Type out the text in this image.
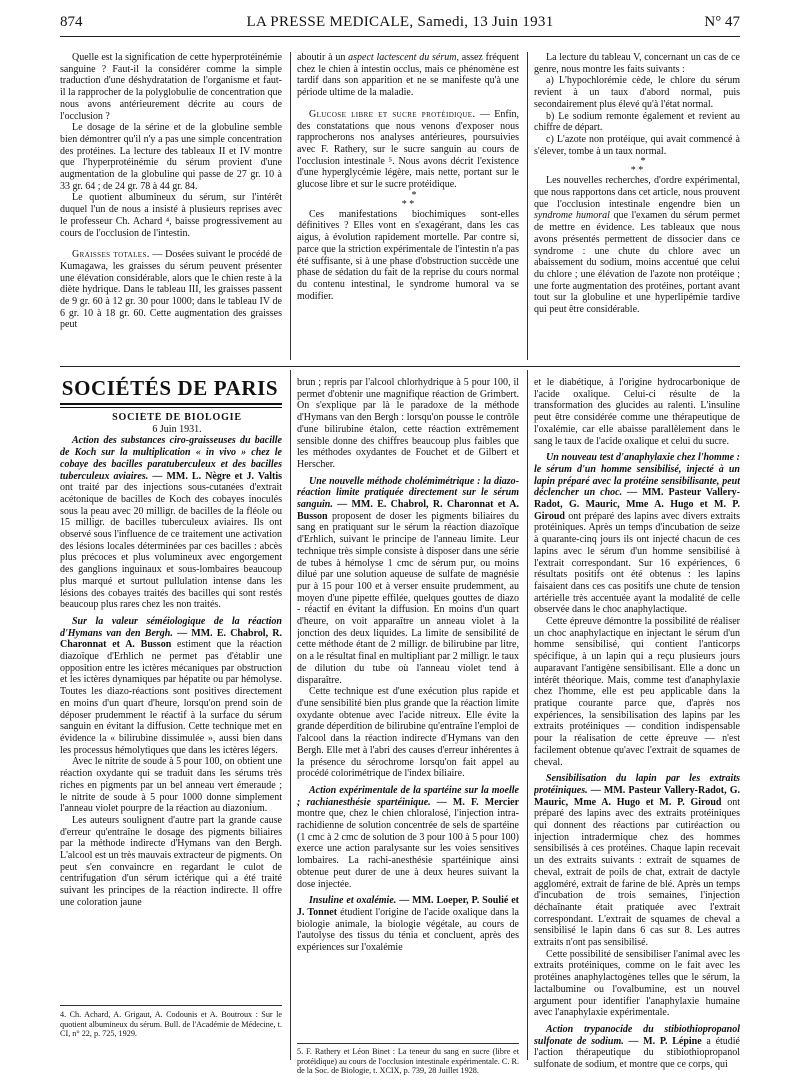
874	LA PRESSE MEDICALE, Samedi, 13 Juin 1931	N° 47

Quelle est la signification de cette hyperprotéinémie sanguine ? Faut-il la considérer comme la simple traduction d'une déshydratation de l'organisme et faut-il la rapprocher de la polyglobulie de concentration que nous avons antérieurement décrite au cours de l'occlusion ?

Le dosage de la sérine et de la globuline semble bien démontrer qu'il n'y a pas une simple concentration des protéines. La lecture des tableaux II et IV montre que l'hyperprotéinémie du sérum provient d'une augmentation de la globuline qui passe de 27 gr. 10 à 33 gr. 64 ; de 24 gr. 78 à 44 gr. 84.

Le quotient albumineux du sérum, sur l'intérêt duquel l'un de nous a insisté à plusieurs reprises avec le professeur Ch. Achard ⁴, baisse progressivement au cours de l'occlusion de l'intestin.

Graisses totales. — Dosées suivant le procédé de Kumagawa, les graisses du sérum peuvent présenter une élévation considérable, alors que le chien reste à la diète hydrique. Dans le tableau III, les graisses passent de 9 gr. 60 à 12 gr. 30 pour 1000; dans le tableau IV de 6 gr. 10 à 18 gr. 60. Cette augmentation des graisses peut

aboutir à un aspect lactescent du sérum, assez fréquent chez le chien à intestin occlus, mais ce phénomène est tardif dans son apparition et ne se manifeste qu'à une période ultime de la maladie.

Glucose libre et sucre protéidique. — Enfin, des constatations que nous venons d'exposer nous rapprocherons nos analyses antérieures, poursuivies avec F. Rathery, sur le sucre sanguin au cours de l'occlusion intestinale ⁵. Nous avons décrit l'existence d'une hyperglycémie légère, mais nette, portant sur le glucose libre et sur le sucre protéidique.

*
* *

Ces manifestations biochimiques sont-elles définitives ? Elles vont en s'exagérant, dans les cas aigus, à évolution rapidement mortelle. Par contre si, parce que la striction expérimentale de l'intestin n'a pas été suffisante, si à une phase d'obstruction succède une phase de sédation du fait de la reprise du cours normal du contenu intestinal, le syndrome humoral va se modifier.

La lecture du tableau V, concernant un cas de ce genre, nous montre les faits suivants :

a) L'hypochlorémie cède, le chlore du sérum revient à un taux d'abord normal, puis secondairement plus élevé qu'à l'état normal.

b) Le sodium remonte également et revient au chiffre de départ.

c) L'azote non protéique, qui avait commencé à s'élever, tombe à un taux normal.

*
* *

Les nouvelles recherches, d'ordre expérimental, que nous rapportons dans cet article, nous prouvent que l'occlusion intestinale engendre bien un syndrome humoral que l'examen du sérum permet de mettre en évidence. Les tableaux que nous avons présentés permettent de dissocier dans ce syndrome : une chute du chlore avec un abaissement du sodium, moins accentué que celui du chlore ; une élévation de l'azote non protéique ; une forte augmentation des protéines, portant avant tout sur la globuline et une hyperlipémie tardive qui peut être considérable.

SOCIÉTÉS DE PARIS

SOCIÉTÉ DE BIOLOGIE

6 Juin 1931.

Action des substances ciro-graisseuses du bacille de Koch sur la multiplication « in vivo » chez le cobaye des bacilles paratuberculeux et des bacilles tuberculeux aviaires. — MM. L. Nègre et J. Valtis ont traité par des injections sous-cutanées d'extrait acétonique de bacilles de Koch des cobayes inoculés sous la peau avec 20 milligr. de bacilles de la fléole ou 15 milligr. de bacilles tuberculeux aviaires. Ils ont observé sous l'influence de ce traitement une activation des lésions locales déterminées par ces bacilles : abcès plus précoces et plus volumineux avec engorgement des ganglions inguinaux et sous-lombaires beaucoup plus marqué et surtout pullulation intense dans les lésions des cobayes traités des bacilles qui sont restés beaucoup plus rares chez les non traités.

Sur la valeur séméiologique de la réaction d'Hymans van den Bergh. — MM. E. Chabrol, R. Charonnat et A. Busson estiment que la réaction diazoïque d'Erhlich ne permet pas d'établir une opposition entre les ictères mécaniques par obstruction et les ictères dynamiques par hépatite ou par hémolyse. Toutes les diazo-réactions sont positives directement en moins d'un quart d'heure, lorsqu'on prend soin de déposer prudemment le réactif à la surface du sérum sanguin en évitant la diffusion. Cette technique met en évidence la « bilirubine dissimulée », aussi bien dans les processus hémolytiques que dans les ictères légers.

Avec le nitrite de soude à 5 pour 100, on obtient une réaction oxydante qui se traduit dans les sérums très riches en pigments par un bel anneau vert émeraude ; le nitrite de soude à 5 pour 1000 donne simplement l'anneau violet pourpre de la réaction au diazonium.

Les auteurs soulignent d'autre part la grande cause d'erreur qu'entraîne le dosage des pigments biliaires par la méthode indirecte d'Hymans van den Bergh. L'alcool est un très mauvais extracteur de pigments. On peut s'en convaincre en regardant le culot de centrifugation d'un sérum ictérique qui a été traité suivant les principes de la réaction indirecte. Il offre une coloration jaune

brun ; repris par l'alcool chlorhydrique à 5 pour 100, il permet d'obtenir une magnifique réaction de Grimbert. On s'explique par là le paradoxe de la méthode d'Hymans van den Bergh : lorsqu'on pousse le contrôle d'une bilirubine étalon, cette réaction extrêmement sensible donne des chiffres beaucoup plus faibles que les méthodes oxydantes de Fouchet et de Gilbert et Herscher.

Une nouvelle méthode cholémimétrique : la diazo-réaction limite pratiquée directement sur le sérum sanguin. — MM. E. Chabrol, R. Charonnat et A. Busson proposent de doser les pigments biliaires du sang en pratiquant sur le sérum la réaction diazoïque d'Erhlich, suivant le principe de l'anneau limite. Leur technique très simple consiste à disposer dans une série de tubes à hémolyse 1 cmc de sérum pur, ou moins dilué par une solution aqueuse de sulfate de magnésie pur à 15 pour 100 et à verser ensuite prudemment, au moyen d'une pipette effilée, quelques gouttes de diazo - réactif en évitant la diffusion. En moins d'un quart d'heure, on voit apparaître un anneau violet à la jonction des deux liquides. La limite de sensibilité de cette méthode étant de 2 milligr. de bilirubine par litre, on a le résultat final en multipliant par 2 milligr. le taux de dilution du tube où l'anneau violet tend à disparaître.

Cette technique est d'une exécution plus rapide et d'une sensibilité bien plus grande que la réaction limite oxydante obtenue avec l'acide nitreux. Elle évite la grande déperdition de bilirubine qu'entraîne l'emploi de l'alcool dans la réaction indirecte d'Hymans van den Bergh. Elle met à l'abri des causes d'erreur inhérentes à la présence du sérochrome lorsqu'on fait appel au procédé colorimétrique de l'index biliaire.

Action expérimentale de la spartéine sur la moelle ; rachianesthésie spartéinique. — M. F. Mercier montre que, chez le chien chloralosé, l'injection intra-rachidienne de solution concentrée de sels de spartéine (1 cmc à 2 cmc de solution de 3 pour 100 à 5 pour 100) exerce une action paralysante sur les voies sensitives lombaires. La rachi-anesthésie spartéinique ainsi obtenue peut durer de une à deux heures suivant la dose injectée.

Insuline et oxalémie. — MM. Loeper, P. Soulié et J. Tonnet étudient l'origine de l'acide oxalique dans la biologie animale, la biologie végétale, au cours de l'autolyse des tissus du ténia et concluent, après des expériences sur l'oxalémie

et le diabétique, à l'origine hydrocarbonique de l'acide oxalique. Celui-ci résulte de la transformation des glucides au ralenti. L'insuline peut être considérée comme une thérapeutique de l'oxalémie, car elle abaisse parallèlement dans le sang le taux de l'acide oxalique et celui du sucre.

Un nouveau test d'anaphylaxie chez l'homme : le sérum d'un homme sensibilisé, injecté à un lapin préparé avec la protéine sensibilisante, peut déclencher un choc. — MM. Pasteur Vallery-Radot, G. Mauric, Mme A. Hugo et M. P. Giroud ont préparé des lapins avec divers extraits protéiniques. Après un temps d'incubation de seize à quarante-cinq jours ils ont injecté chacun de ces lapins avec le sérum d'un homme sensibilisé à l'extrait correspondant. Sur 16 expériences, 6 résultats positifs ont été obtenus : les lapins faisaient dans ces cas positifs une chute de tension artérielle très accentuée ayant la modalité de celle observée dans le choc anaphylactique.

Cette épreuve démontre la possibilité de réaliser un choc anaphylactique en injectant le sérum d'un homme sensibilisé, qui contient l'anticorps spécifique, à un lapin qui a reçu plusieurs jours auparavant l'antigène sensibilisant. Elle a donc un intérêt théorique. Mais, comme test d'anaphylaxie chez l'homme, elle est peu applicable dans la pratique courante parce que, d'après nos expériences, la sensibilisation des lapins par les extraits protéiniques — condition indispensable pour la réalisation de cette épreuve — n'est facilement obtenue qu'avec l'extrait de squames de cheval.

Sensibilisation du lapin par les extraits protéiniques. — MM. Pasteur Vallery-Radot, G. Mauric, Mme A. Hugo et M. P. Giroud ont préparé des lapins avec des extraits protéiniques qui donnent des réactions par cutiréaction ou injection intradermique chez des hommes sensibilisés à ces protéines. Chaque lapin recevait un des extraits suivants : extrait de squames de cheval, extrait de poils de chat, extrait de dactyle aggloméré, extrait de farine de blé. Après un temps d'incubation de trois semaines, l'injection déchaînante était pratiquée avec l'extrait correspondant. L'extrait de squames de cheval a sensibilisé le lapin dans 6 cas sur 8. Les autres extraits n'ont pas sensibilisé.

Cette possibilité de sensibiliser l'animal avec les extraits protéiniques, comme on le fait avec les protéines anaphylactogènes telles que le sérum, la lactalbumine ou l'ovalbumine, est un nouvel argument pour identifier l'anaphylaxie humaine avec l'anaphylaxie expérimentale.

Action trypanocide du stibiothiopropanol sulfonate de sodium. — M. P. Lépine a étudié l'action thérapeutique du stibiothiopropanol sulfonate de sodium, et montre que ce corps, qui

4. Ch. Achard, A. Grigaut, A. Codounis et A. Boutroux : Sur le quotient albumineux du sérum. Bull. de l'Académie de Médecine, t. CI, n° 22, p. 725, 1929.

5. F. Rathery et Léon Binet : La teneur du sang en sucre (libre et protéidique) au cours de l'occlusion intestinale expérimentale. C. R. de la Soc. de Biologie, t. XCIX, p. 739, 28 Juillet 1928.
